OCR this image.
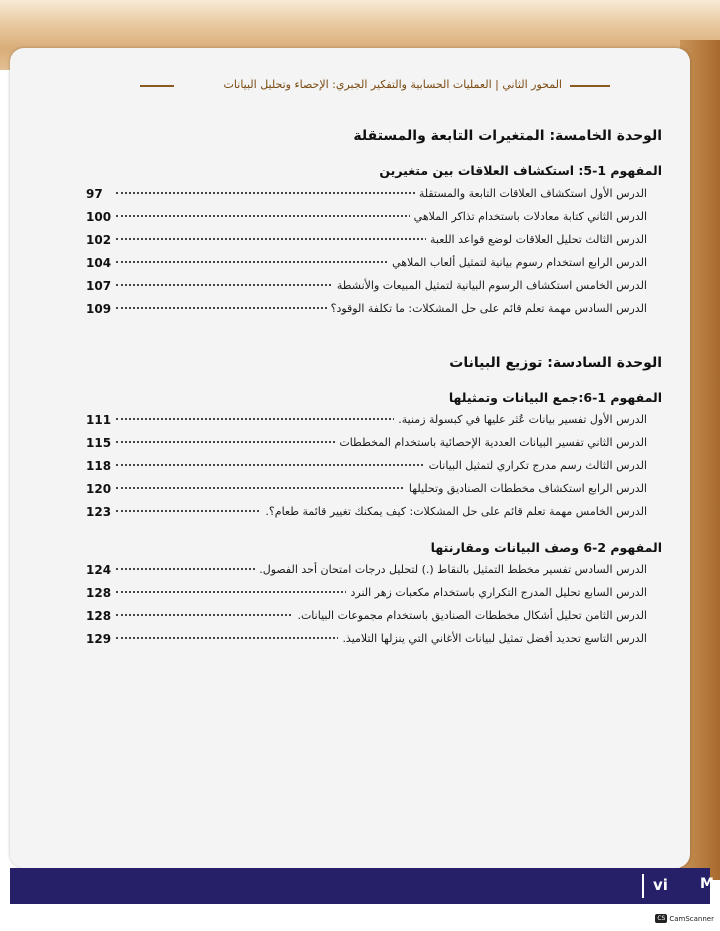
المحور الثاني | العمليات الحسابية والتفكير الجبري: الإحصاء وتحليل البيانات
الوحدة الخامسة: المتغيرات التابعة والمستقلة
المفهوم 1-5: استكشاف العلاقات بين متغيرين
الدرس الأول استكشاف العلاقات التابعة والمستقلة
97
الدرس الثاني كتابة معادلات باستخدام تذاكر الملاهي
100
الدرس الثالث تحليل العلاقات لوضع قواعد اللعبة
102
الدرس الرابع استخدام رسوم بيانية لتمثيل ألعاب الملاهي
104
الدرس الخامس استكشاف الرسوم البيانية لتمثيل المبيعات والأنشطة
107
الدرس السادس مهمة تعلم قائم على حل المشكلات: ما تكلفة الوقود؟
109
الوحدة السادسة: توزيع البيانات
المفهوم 1-6:جمع البيانات وتمثيلها
الدرس الأول تفسير بيانات عُثر عليها في كبسولة زمنية.
111
الدرس الثاني تفسير البيانات العددية الإحصائية باستخدام المخططات
115
الدرس الثالث رسم مدرج تكراري لتمثيل البيانات
118
الدرس الرابع استكشاف مخططات الصناديق وتحليلها
120
الدرس الخامس مهمة تعلم قائم على حل المشكلات: كيف يمكنك تغيير قائمة طعام؟.
123
المفهوم 2-6 وصف البيانات ومقارنتها
الدرس السادس تفسير مخطط التمثيل بالنقاط (.) لتحليل درجات امتحان أحد الفصول.
124
الدرس السابع تحليل المدرج التكراري باستخدام مكعبات زهر النرد
128
الدرس الثامن تحليل أشكال مخططات الصناديق باستخدام مجموعات البيانات.
128
الدرس التاسع تحديد أفضل تمثيل لبيانات الأغاني التي ينزلها التلاميذ.
129
vi M
CS CamScanner
